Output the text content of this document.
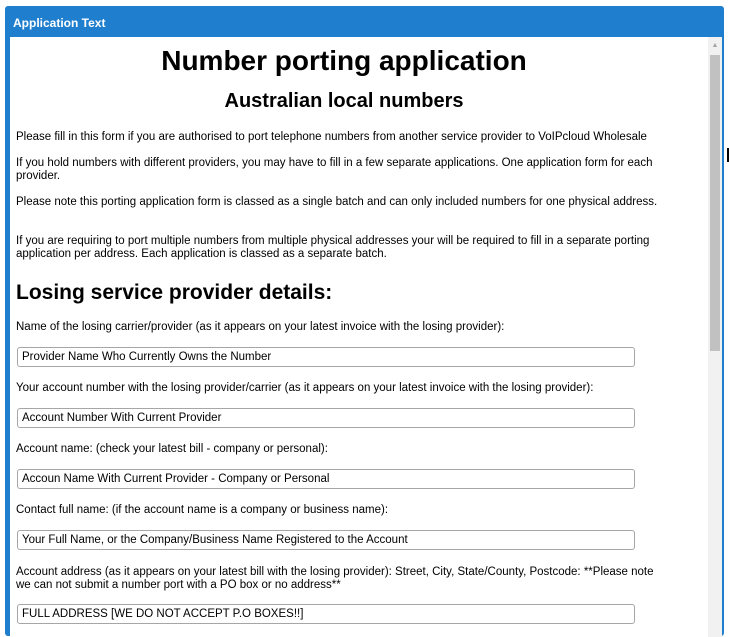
Application Text
Number porting application
Australian local numbers

Please fill in this form if you are authorised to port telephone numbers from another service provider to VoIPcloud Wholesale

If you hold numbers with different providers, you may have to fill in a few separate applications. One application form for each provider.

Please note this porting application form is classed as a single batch and can only included numbers for one physical address.

If you are requiring to port multiple numbers from multiple physical addresses your will be required to fill in a separate porting application per address. Each application is classed as a separate batch.

Losing service provider details:

Name of the losing carrier/provider (as it appears on your latest invoice with the losing provider):

Provider Name Who Currently Owns the Number

Your account number with the losing provider/carrier (as it appears on your latest invoice with the losing provider):

Account Number With Current Provider

Account name: (check your latest bill - company or personal):

Accoun Name With Current Provider - Company or Personal

Contact full name: (if the account name is a company or business name):

Your Full Name, or the Company/Business Name Registered to the Account

Account address (as it appears on your latest bill with the losing provider): Street, City, State/County, Postcode: **Please note we can not submit a number port with a PO box or no address**

FULL ADDRESS [WE DO NOT ACCEPT P.O BOXES!!]
▲
